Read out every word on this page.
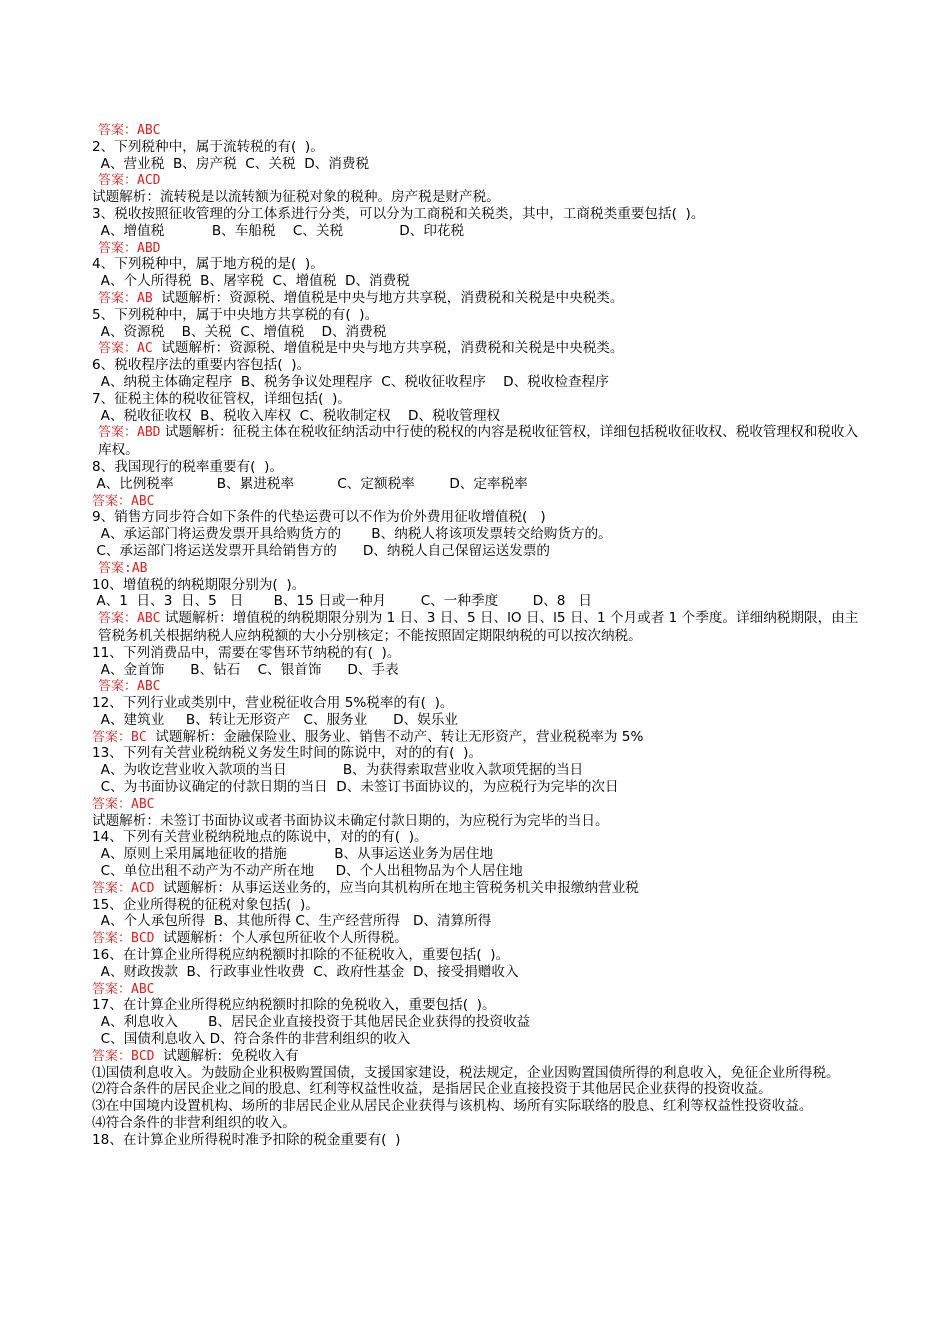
答案：ABC
2、下列税种中，属于流转税的有(  )。
A、营业税  B、房产税  C、关税  D、消费税
答案：ACD
试题解析：流转税是以流转额为征税对象的税种。房产税是财产税。
3、税收按照征收管理的分工体系进行分类，可以分为工商税和关税类，其中，工商税类重要包括(  )。
A、增值税           B、车船税    C、关税             D、印花税
答案：ABD
4、下列税种中，属于地方税的是(  )。
A、个人所得税  B、屠宰税  C、增值税  D、消费税
答案：AB  试题解析：资源税、增值税是中央与地方共享税，消费税和关税是中央税类。
5、下列税种中，属于中央地方共享税的有(  )。
A、资源税    B、关税  C、增值税    D、消费税
答案：AC  试题解析：资源税、增值税是中央与地方共享税，消费税和关税是中央税类。
6、税收程序法的重要内容包括(  )。
A、纳税主体确定程序  B、税务争议处理程序  C、税收征收程序    D、税收检查程序
7、征税主体的税收征管权，详细包括(  )。
A、税收征收权  B、税收入库权  C、税收制定权    D、税收管理权
答案：ABD 试题解析：征税主体在税收征纳活动中行使的税权的内容是税收征管权，详细包括税收征收权、税收管理权和税收入库权。
8、我国现行的税率重要有(  )。
A、比例税率          B、累进税率          C、定额税率        D、定率税率
答案：ABC
9、销售方同步符合如下条件的代垫运费可以不作为价外费用征收增值税(   )
A、承运部门将运费发票开具给购货方的       B、纳税人将该项发票转交给购货方的。
C、承运部门将运送发票开具给销售方的      D、纳税人自己保留运送发票的
答案:AB
10、增值税的纳税期限分别为(  )。
A、1  日、3  日、5   日       B、15 日或一种月        C、一种季度        D、8   日
答案：ABC 试题解析：增值税的纳税期限分别为 1 日、3 日、5 日、lO 日、l5 日、1 个月或者 1 个季度。详细纳税期限，由主管税务机关根据纳税人应纳税额的大小分别核定；不能按照固定期限纳税的可以按次纳税。
11、下列消费品中，需要在零售环节纳税的有(  )。
A、金首饰      B、钻石    C、银首饰      D、手表
答案：ABC
12、下列行业或类别中，营业税征收合用 5%税率的有(  )。
A、建筑业     B、转让无形资产   C、服务业      D、娱乐业
答案：BC  试题解析：金融保险业、服务业、销售不动产、转让无形资产，营业税税率为 5%
13、下列有关营业税纳税义务发生时间的陈说中，对的的有(  )。
A、为收讫营业收入款项的当日             B、为获得索取营业收入款项凭据的当日
C、为书面协议确定的付款日期的当日  D、未签订书面协议的，为应税行为完毕的次日
答案：ABC
试题解析：未签订书面协议或者书面协议未确定付款日期的，为应税行为完毕的当日。
14、下列有关营业税纳税地点的陈说中，对的的有(  )。
A、原则上采用属地征收的措施           B、从事运送业务为居住地
C、单位出租不动产为不动产所在地     D、个人出租物品为个人居住地
答案：ACD  试题解析：从事运送业务的，应当向其机构所在地主管税务机关申报缴纳营业税
15、企业所得税的征税对象包括(  )。
A、个人承包所得  B、其他所得 C、生产经营所得   D、清算所得
答案：BCD  试题解析：个人承包所征收个人所得税。
16、在计算企业所得税应纳税额时扣除的不征税收入，重要包括(  )。
A、财政拨款  B、行政事业性收费  C、政府性基金  D、接受捐赠收入
答案：ABC
17、在计算企业所得税应纳税额时扣除的免税收入，重要包括(  )。
A、利息收入       B、居民企业直接投资于其他居民企业获得的投资收益
C、国债利息收入 D、符合条件的非营利组织的收入
答案：BCD  试题解析:  免税收入有
⑴国债利息收入。为鼓励企业积极购置国债，支援国家建设，税法规定，企业因购置国债所得的利息收入，免征企业所得税。
⑵符合条件的居民企业之间的股息、红利等权益性收益，是指居民企业直接投资于其他居民企业获得的投资收益。
⑶在中国境内设置机构、场所的非居民企业从居民企业获得与该机构、场所有实际联络的股息、红利等权益性投资收益。
⑷符合条件的非营利组织的收入。
18、在计算企业所得税时准予扣除的税金重要有(  )
